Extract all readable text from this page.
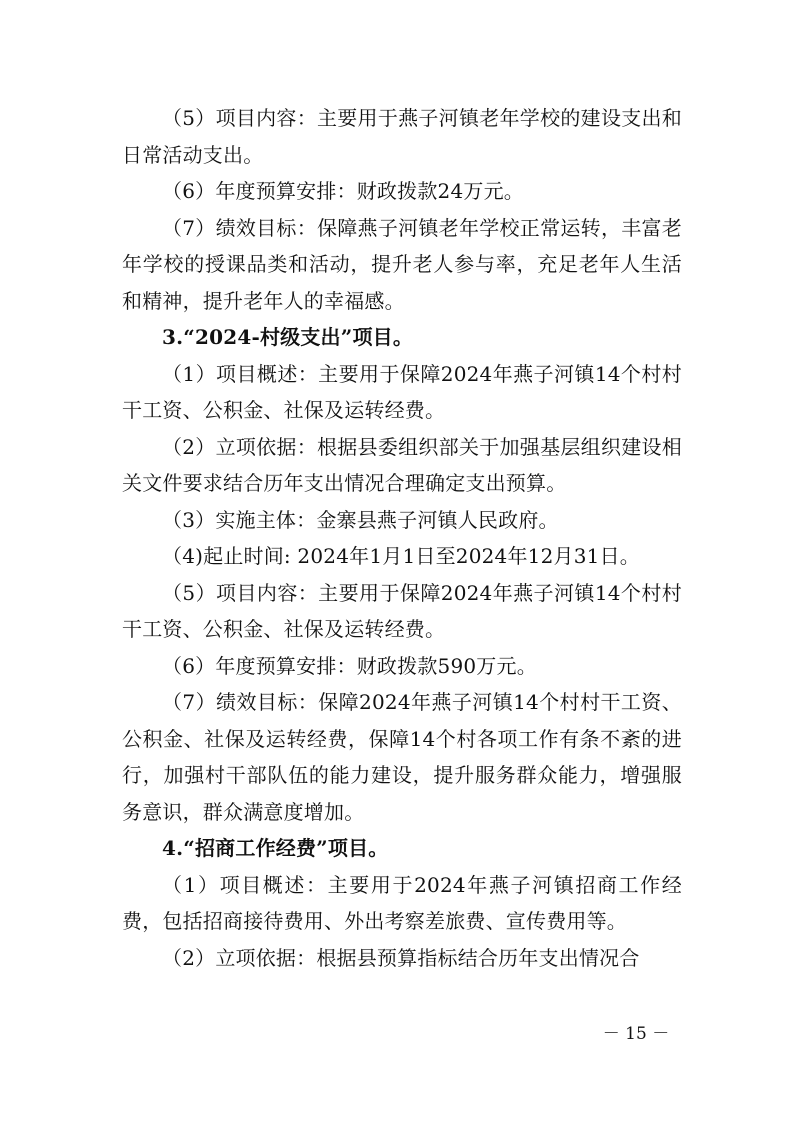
（5）项目内容：主要用于燕子河镇老年学校的建设支出和日常活动支出。

（6）年度预算安排：财政拨款24万元。

（7）绩效目标：保障燕子河镇老年学校正常运转，丰富老年学校的授课品类和活动，提升老人参与率，充足老年人生活和精神，提升老年人的幸福感。

3.“2024-村级支出”项目。

（1）项目概述：主要用于保障2024年燕子河镇14个村村干工资、公积金、社保及运转经费。

（2）立项依据：根据县委组织部关于加强基层组织建设相关文件要求结合历年支出情况合理确定支出预算。

（3）实施主体：金寨县燕子河镇人民政府。

（4)起止时间: 2024年1月1日至2024年12月31日。

（5）项目内容：主要用于保障2024年燕子河镇14个村村干工资、公积金、社保及运转经费。

（6）年度预算安排：财政拨款590万元。

（7）绩效目标：保障2024年燕子河镇14个村村干工资、公积金、社保及运转经费，保障14个村各项工作有条不紊的进行，加强村干部队伍的能力建设，提升服务群众能力，增强服务意识，群众满意度增加。

4.“招商工作经费”项目。

（1）项目概述：主要用于2024年燕子河镇招商工作经费，包括招商接待费用、外出考察差旅费、宣传费用等。

（2）立项依据：根据县预算指标结合历年支出情况合

－ 15 －
